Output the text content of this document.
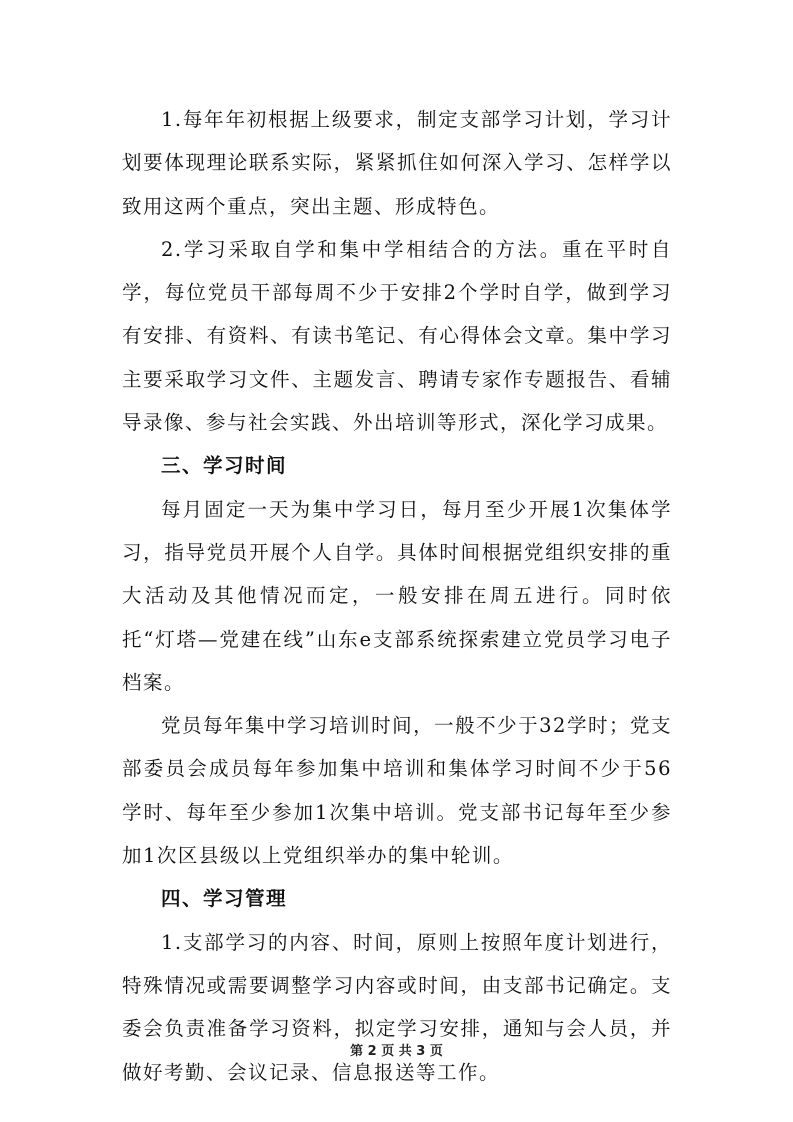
1.每年年初根据上级要求，制定支部学习计划，学习计划要体现理论联系实际，紧紧抓住如何深入学习、怎样学以致用这两个重点，突出主题、形成特色。

2.学习采取自学和集中学相结合的方法。重在平时自学，每位党员干部每周不少于安排2个学时自学，做到学习有安排、有资料、有读书笔记、有心得体会文章。集中学习主要采取学习文件、主题发言、聘请专家作专题报告、看辅导录像、参与社会实践、外出培训等形式，深化学习成果。

三、学习时间

每月固定一天为集中学习日，每月至少开展1次集体学习，指导党员开展个人自学。具体时间根据党组织安排的重大活动及其他情况而定，一般安排在周五进行。同时依托“灯塔—党建在线”山东e支部系统探索建立党员学习电子档案。

党员每年集中学习培训时间，一般不少于32学时；党支部委员会成员每年参加集中培训和集体学习时间不少于56学时、每年至少参加1次集中培训。党支部书记每年至少参加1次区县级以上党组织举办的集中轮训。

四、学习管理

1.支部学习的内容、时间，原则上按照年度计划进行，特殊情况或需要调整学习内容或时间，由支部书记确定。支委会负责准备学习资料，拟定学习安排，通知与会人员，并做好考勤、会议记录、信息报送等工作。

第 2 页 共 3 页
